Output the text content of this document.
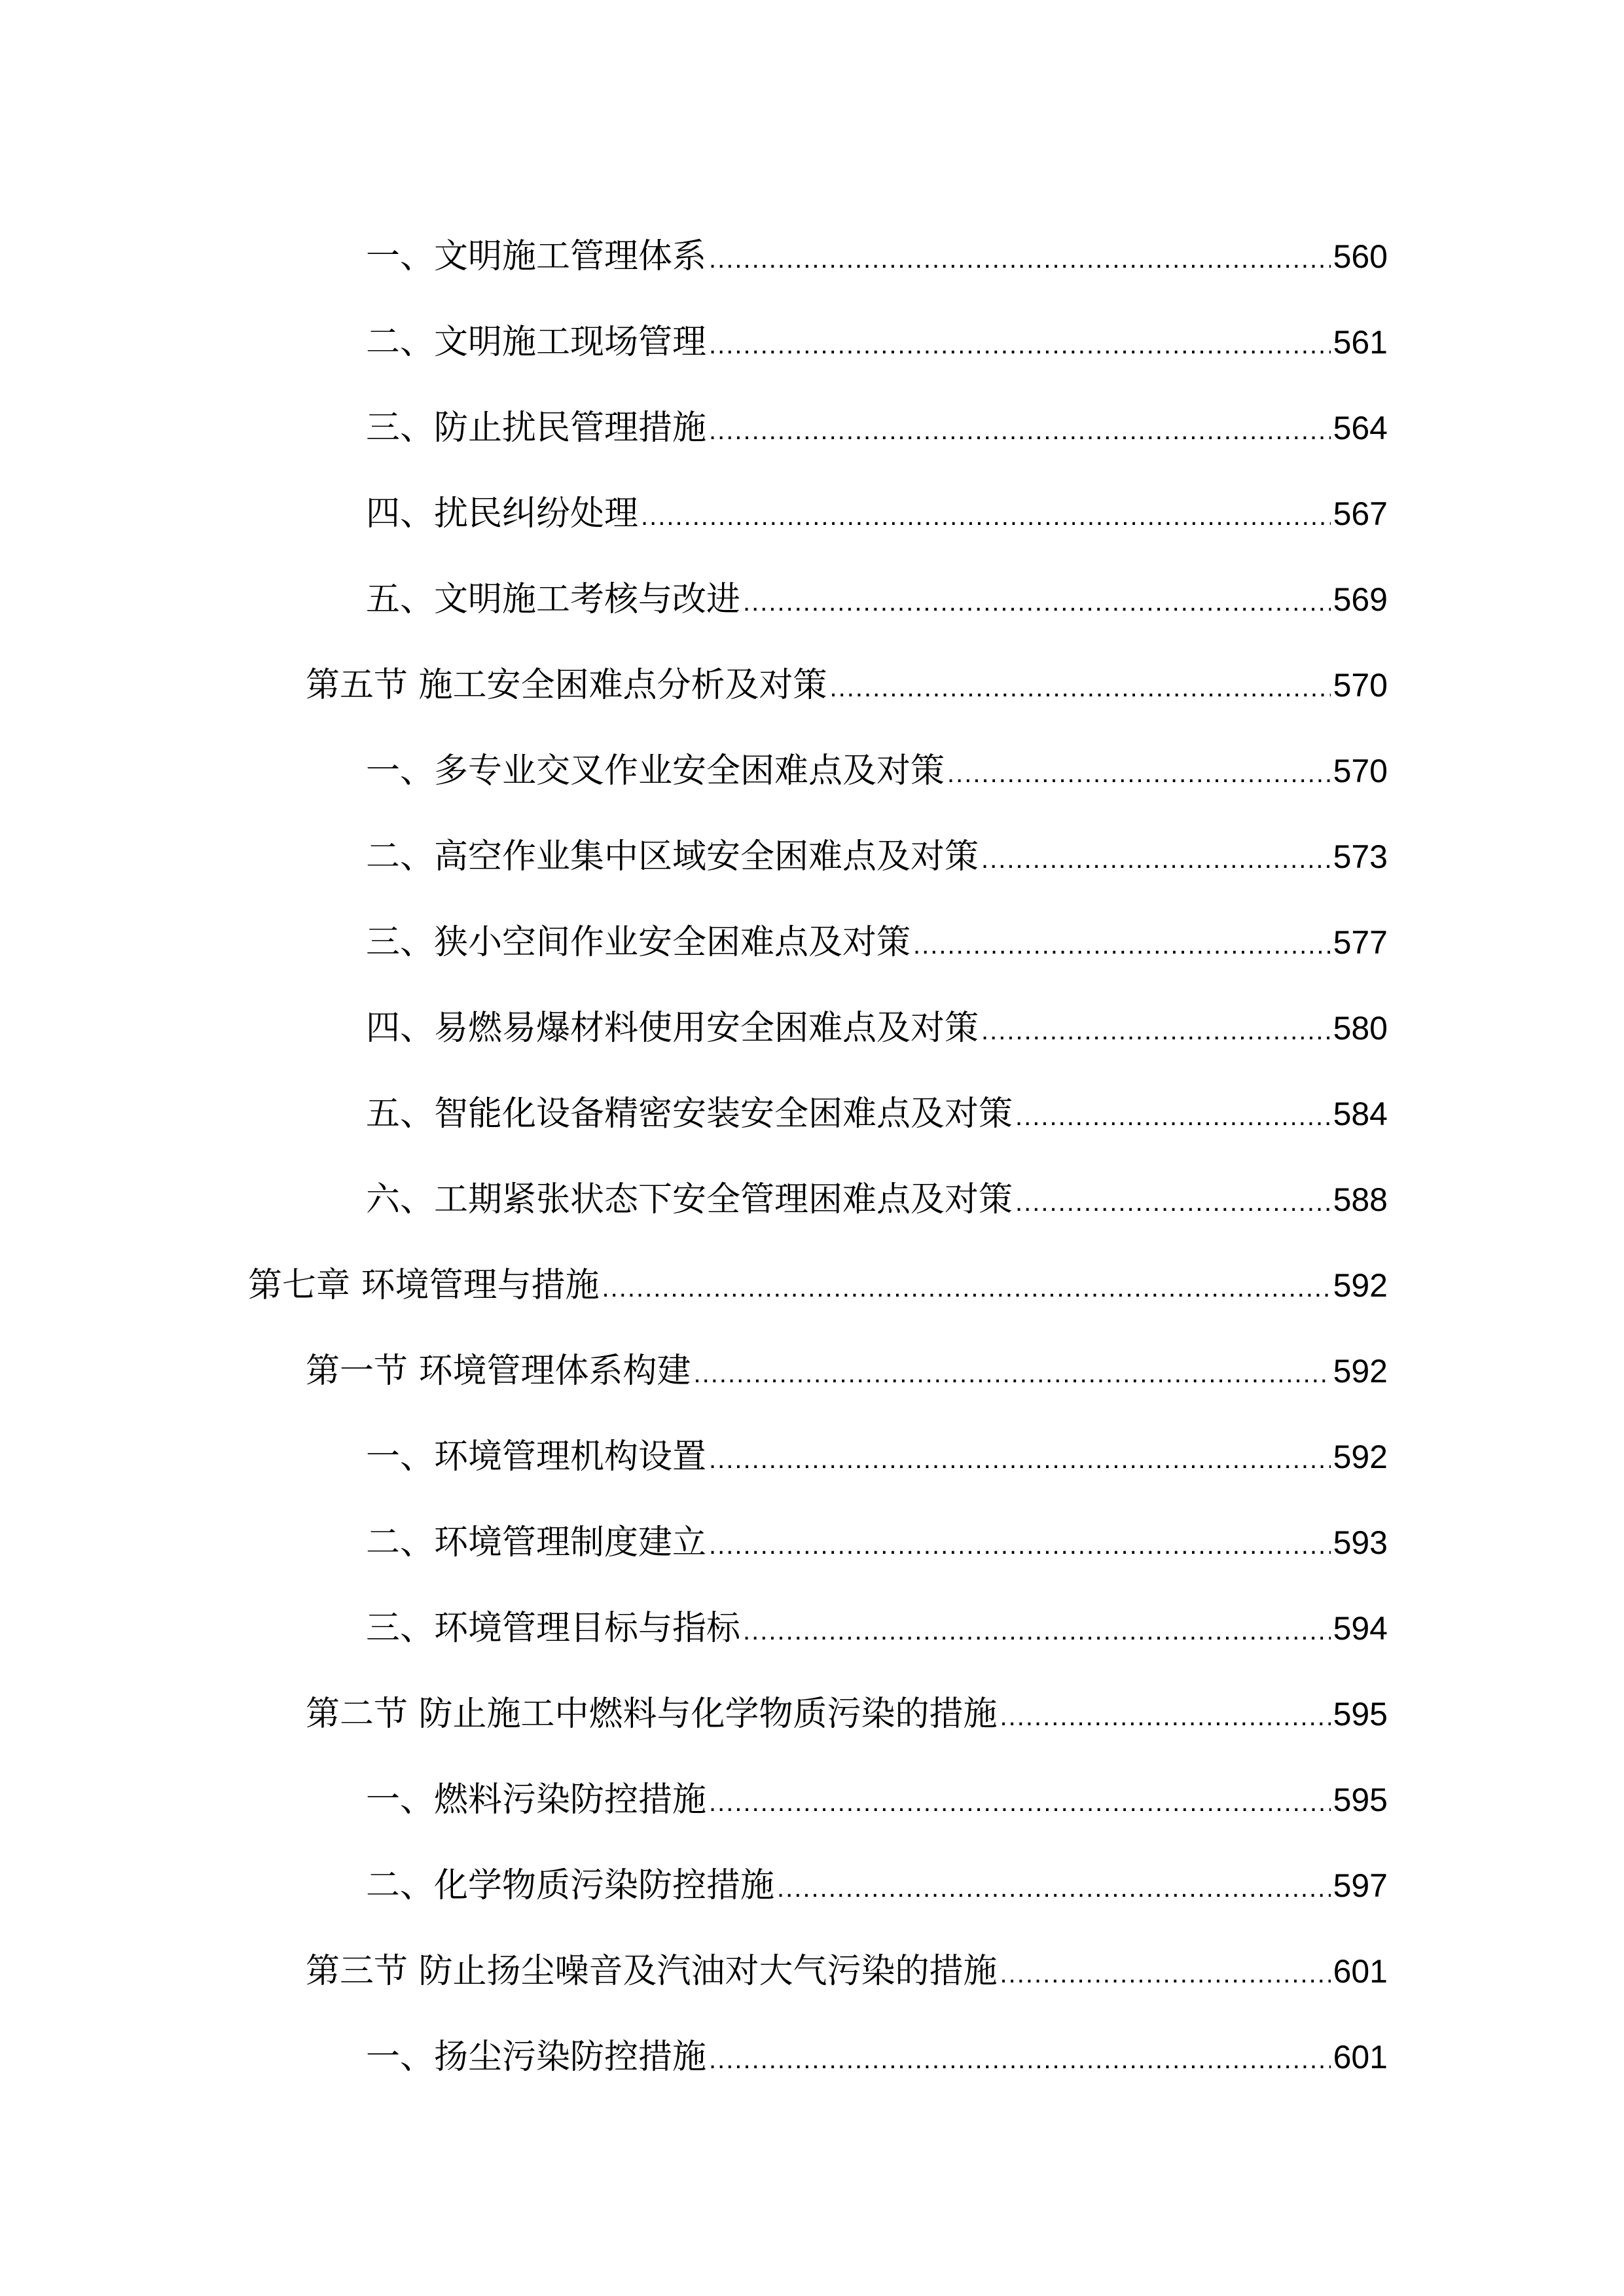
一、文明施工管理体系 .....	560
二、文明施工现场管理 .....	561
三、防止扰民管理措施 .....	564
四、扰民纠纷处理 .....	567
五、文明施工考核与改进 .....	569
第五节 施工安全困难点分析及对策 .....	570
一、多专业交叉作业安全困难点及对策 .....	570
二、高空作业集中区域安全困难点及对策 .....	573
三、狭小空间作业安全困难点及对策 .....	577
四、易燃易爆材料使用安全困难点及对策 .....	580
五、智能化设备精密安装安全困难点及对策 .....	584
六、工期紧张状态下安全管理困难点及对策 .....	588
第七章 环境管理与措施 .....	592
第一节 环境管理体系构建 .....	592
一、环境管理机构设置 .....	592
二、环境管理制度建立 .....	593
三、环境管理目标与指标 .....	594
第二节 防止施工中燃料与化学物质污染的措施 .....	595
一、燃料污染防控措施 .....	595
二、化学物质污染防控措施 .....	597
第三节 防止扬尘噪音及汽油对大气污染的措施 .....	601
一、扬尘污染防控措施 .....	601
